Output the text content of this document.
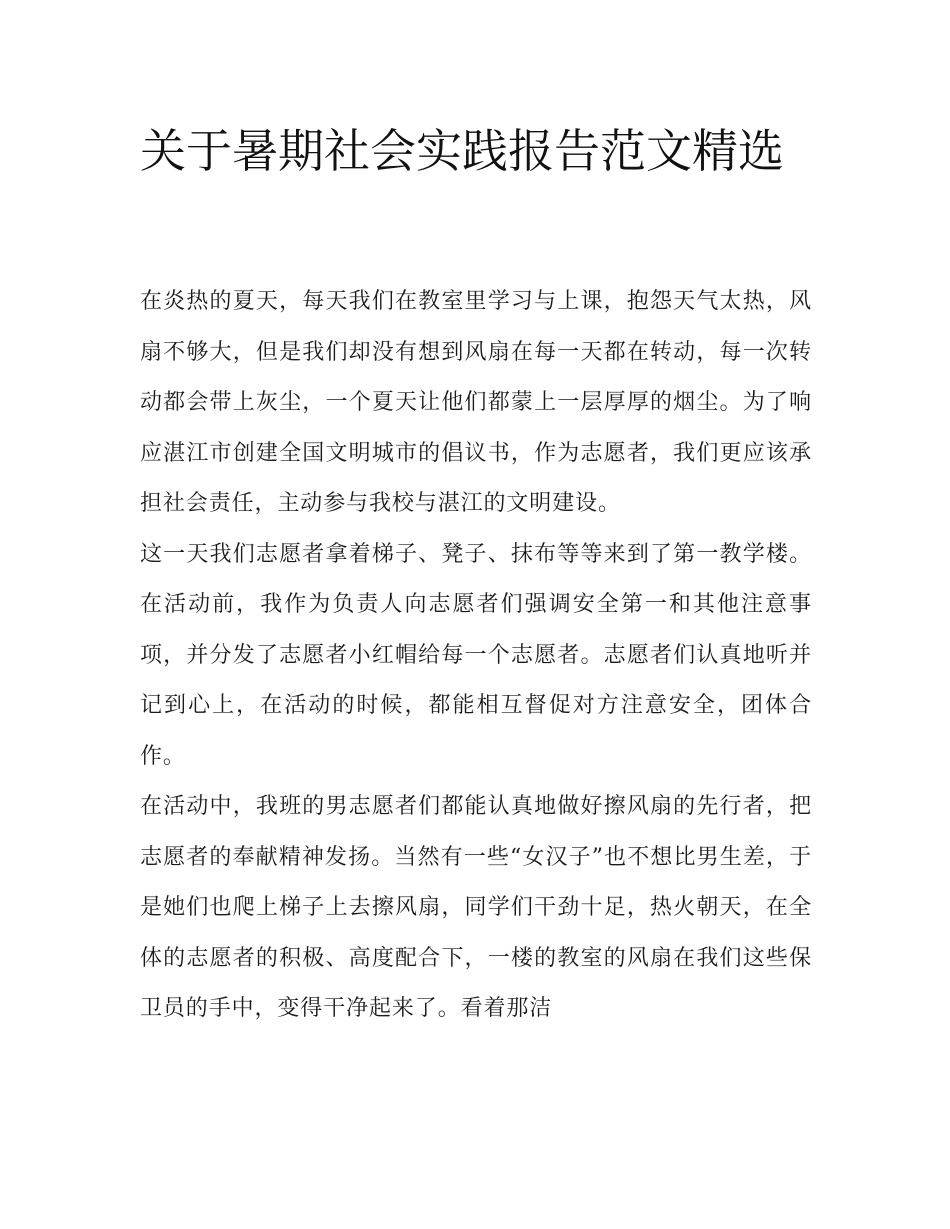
关于暑期社会实践报告范文精选

在炎热的夏天，每天我们在教室里学习与上课，抱怨天气太热，风扇不够大，但是我们却没有想到风扇在每一天都在转动，每一次转动都会带上灰尘，一个夏天让他们都蒙上一层厚厚的烟尘。为了响应湛江市创建全国文明城市的倡议书，作为志愿者，我们更应该承担社会责任，主动参与我校与湛江的文明建设。

这一天我们志愿者拿着梯子、凳子、抹布等等来到了第一教学楼。在活动前，我作为负责人向志愿者们强调安全第一和其他注意事项，并分发了志愿者小红帽给每一个志愿者。志愿者们认真地听并记到心上，在活动的时候，都能相互督促对方注意安全，团体合作。

在活动中，我班的男志愿者们都能认真地做好擦风扇的先行者，把志愿者的奉献精神发扬。当然有一些“女汉子”也不想比男生差，于是她们也爬上梯子上去擦风扇，同学们干劲十足，热火朝天，在全体的志愿者的积极、高度配合下，一楼的教室的风扇在我们这些保卫员的手中，变得干净起来了。看着那洁
